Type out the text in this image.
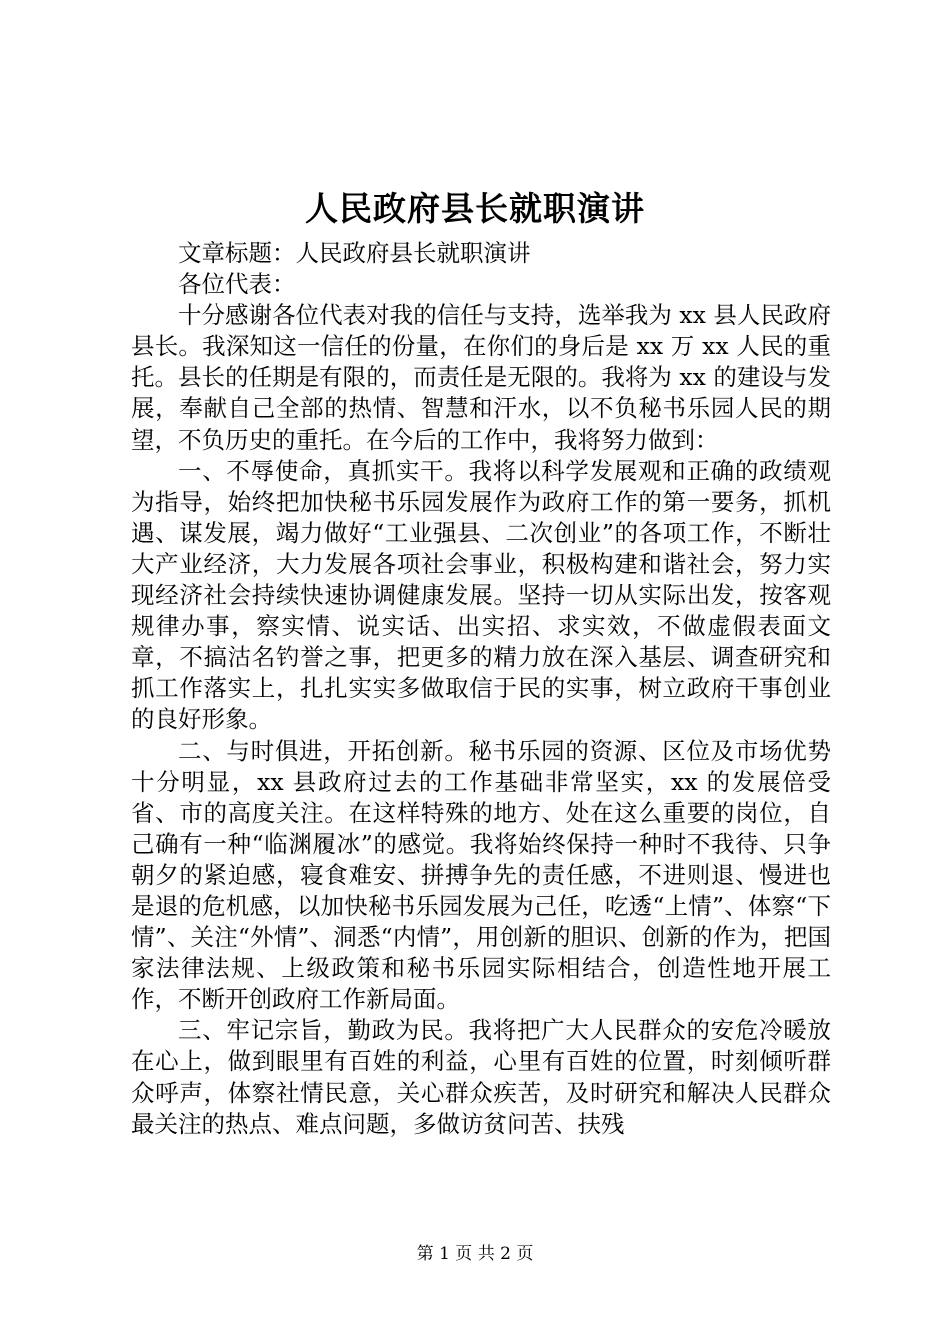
人民政府县长就职演讲

文章标题：人民政府县长就职演讲

各位代表：

十分感谢各位代表对我的信任与支持，选举我为 xx 县人民政府县长。我深知这一信任的份量，在你们的身后是 xx 万 xx 人民的重托。县长的任期是有限的，而责任是无限的。我将为 xx 的建设与发展，奉献自己全部的热情、智慧和汗水，以不负秘书乐园人民的期望，不负历史的重托。在今后的工作中，我将努力做到：

一、不辱使命，真抓实干。我将以科学发展观和正确的政绩观为指导，始终把加快秘书乐园发展作为政府工作的第一要务，抓机遇、谋发展，竭力做好“工业强县、二次创业”的各项工作，不断壮大产业经济，大力发展各项社会事业，积极构建和谐社会，努力实现经济社会持续快速协调健康发展。坚持一切从实际出发，按客观规律办事，察实情、说实话、出实招、求实效，不做虚假表面文章，不搞沽名钓誉之事，把更多的精力放在深入基层、调查研究和抓工作落实上，扎扎实实多做取信于民的实事，树立政府干事创业的良好形象。

二、与时俱进，开拓创新。秘书乐园的资源、区位及市场优势十分明显，xx 县政府过去的工作基础非常坚实，xx 的发展倍受省、市的高度关注。在这样特殊的地方、处在这么重要的岗位，自己确有一种“临渊履冰”的感觉。我将始终保持一种时不我待、只争朝夕的紧迫感，寝食难安、拼搏争先的责任感，不进则退、慢进也是退的危机感，以加快秘书乐园发展为己任，吃透“上情”、体察“下情”、关注“外情”、洞悉“内情”，用创新的胆识、创新的作为，把国家法律法规、上级政策和秘书乐园实际相结合，创造性地开展工作，不断开创政府工作新局面。

三、牢记宗旨，勤政为民。我将把广大人民群众的安危冷暖放在心上，做到眼里有百姓的利益，心里有百姓的位置，时刻倾听群众呼声，体察社情民意，关心群众疾苦，及时研究和解决人民群众最关注的热点、难点问题，多做访贫问苦、扶残

第 1 页 共 2 页
